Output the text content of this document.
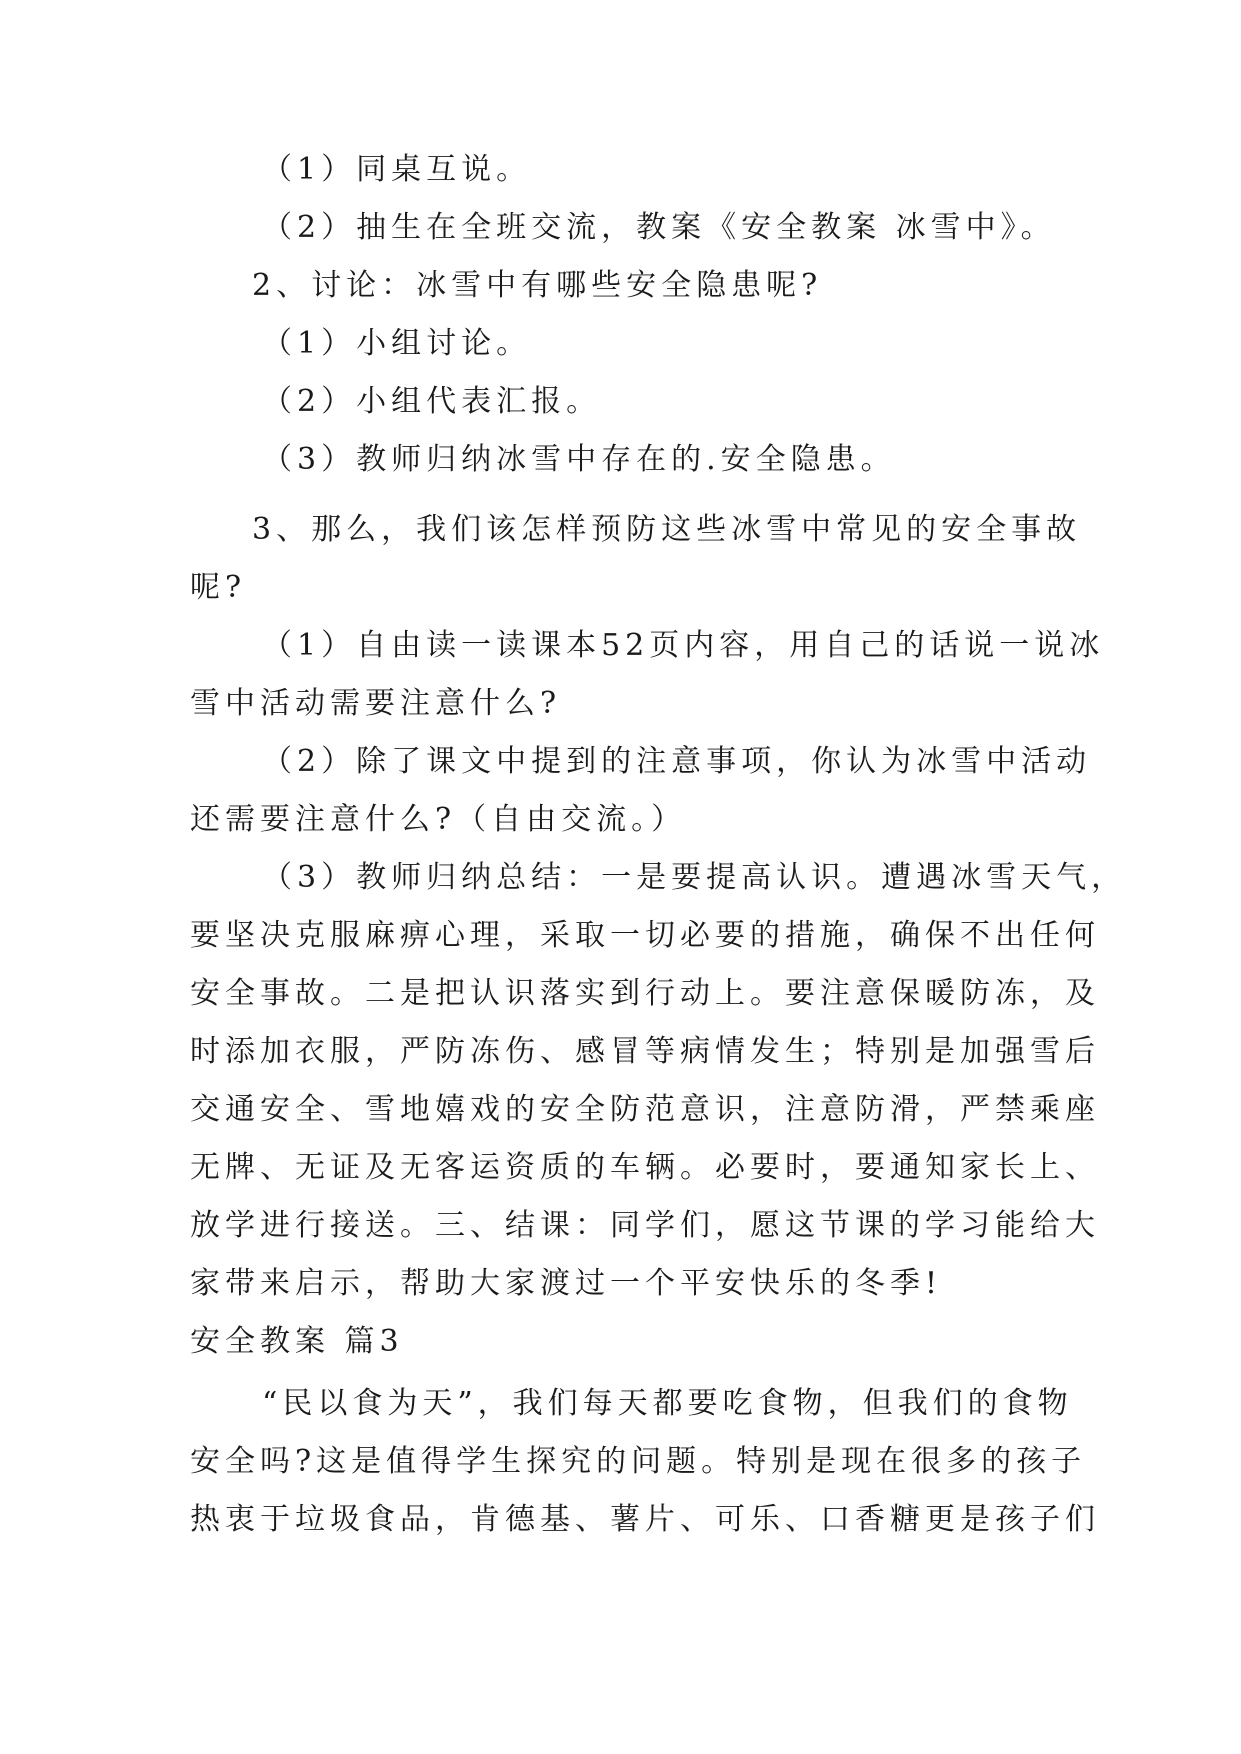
（1）同桌互说。
（2）抽生在全班交流，教案《安全教案 冰雪中》。
2、讨论：冰雪中有哪些安全隐患呢?
（1）小组讨论。
（2）小组代表汇报。
（3）教师归纳冰雪中存在的.安全隐患。
3、那么，我们该怎样预防这些冰雪中常见的安全事故
呢?
（1）自由读一读课本52页内容，用自己的话说一说冰
雪中活动需要注意什么?
（2）除了课文中提到的注意事项，你认为冰雪中活动
还需要注意什么?（自由交流。）
（3）教师归纳总结：一是要提高认识。遭遇冰雪天气，
要坚决克服麻痹心理，采取一切必要的措施，确保不出任何
安全事故。二是把认识落实到行动上。要注意保暖防冻，及
时添加衣服，严防冻伤、感冒等病情发生；特别是加强雪后
交通安全、雪地嬉戏的安全防范意识，注意防滑，严禁乘座
无牌、无证及无客运资质的车辆。必要时，要通知家长上、
放学进行接送。三、结课：同学们，愿这节课的学习能给大
家带来启示，帮助大家渡过一个平安快乐的冬季!
安全教案 篇3
“民以食为天”，我们每天都要吃食物，但我们的食物
安全吗?这是值得学生探究的问题。特别是现在很多的孩子
热衷于垃圾食品，肯德基、薯片、可乐、口香糖更是孩子们
